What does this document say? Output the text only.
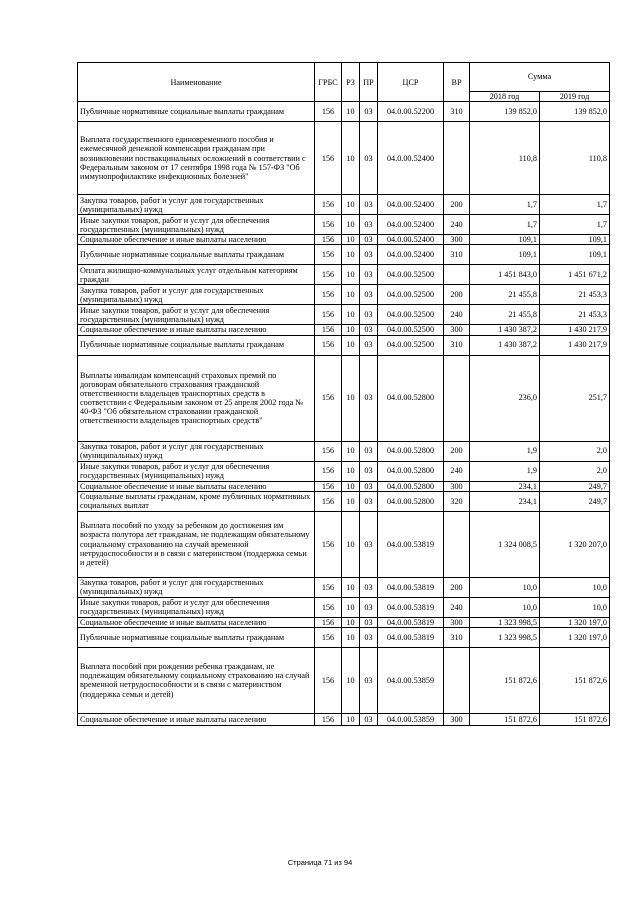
Наименование	ГРБС	РЗ	ПР	ЦСР	ВР	Сумма	
						2018 год	2019 год
Публичные нормативные социальные выплаты гражданам	156	10	03	04.0.00.52200	310	139 852,0	139 852,0
Выплата государственного единовременного пособия и ежемесячной денежной компенсации гражданам при возникновении поствакцинальных осложнений в соответствии с Федеральным законом от 17 сентября 1998 года № 157-ФЗ "Об иммунопрофилактике инфекционных болезней"	156	10	03	04.0.00.52400		110,8	110,8
Закупка товаров, работ и услуг для государственных (муниципальных) нужд	156	10	03	04.0.00.52400	200	1,7	1,7
Иные закупки товаров, работ и услуг для обеспечения государственных (муниципальных) нужд	156	10	03	04.0.00.52400	240	1,7	1,7
Социальное обеспечение и иные выплаты населению	156	10	03	04.0.00.52400	300	109,1	109,1
Публичные нормативные социальные выплаты гражданам	156	10	03	04.0.00.52400	310	109,1	109,1
Оплата жилищно-коммунальных услуг отдельным категориям граждан	156	10	03	04.0.00.52500		1 451 843,0	1 451 671,2
Закупка товаров, работ и услуг для государственных (муниципальных) нужд	156	10	03	04.0.00.52500	200	21 455,8	21 453,3
Иные закупки товаров, работ и услуг для обеспечения государственных (муниципальных) нужд	156	10	03	04.0.00.52500	240	21 455,8	21 453,3
Социальное обеспечение и иные выплаты населению	156	10	03	04.0.00.52500	300	1 430 387,2	1 430 217,9
Публичные нормативные социальные выплаты гражданам	156	10	03	04.0.00.52500	310	1 430 387,2	1 430 217,9
Выплаты инвалидам компенсаций страховых премий по договорам обязательного страхования гражданской ответственности владельцев транспортных средств в соответствии с Федеральным законом от 25 апреля 2002 года № 40-ФЗ "Об обязательном страховании гражданской ответственности владельцев транспортных средств"	156	10	03	04.0.00.52800		236,0	251,7
Закупка товаров, работ и услуг для государственных (муниципальных) нужд	156	10	03	04.0.00.52800	200	1,9	2,0
Иные закупки товаров, работ и услуг для обеспечения государственных (муниципальных) нужд	156	10	03	04.0.00.52800	240	1,9	2,0
Социальное обеспечение и иные выплаты населению	156	10	03	04.0.00.52800	300	234,1	249,7
Социальные выплаты гражданам, кроме публичных нормативных социальных выплат	156	10	03	04.0.00.52800	320	234,1	249,7
Выплата пособий по уходу за ребенком до достижения им возраста полутора лет гражданам, не подлежащим обязательному социальному страхованию на случай временной нетрудоспособности и в связи с материнством (поддержка семьи и детей)	156	10	03	04.0.00.53819		1 324 008,5	1 320 207,0
Закупка товаров, работ и услуг для государственных (муниципальных) нужд	156	10	03	04.0.00.53819	200	10,0	10,0
Иные закупки товаров, работ и услуг для обеспечения государственных (муниципальных) нужд	156	10	03	04.0.00.53819	240	10,0	10,0
Социальное обеспечение и иные выплаты населению	156	10	03	04.0.00.53819	300	1 323 998,5	1 320 197,0
Публичные нормативные социальные выплаты гражданам	156	10	03	04.0.00.53819	310	1 323 998,5	1 320 197,0
Выплата пособий при рождении ребенка гражданам, не подлежащим обязательному социальному страхованию на случай временной нетрудоспособности и в связи с материнством (поддержка семьи и детей)	156	10	03	04.0.00.53859		151 872,6	151 872,6
Социальное обеспечение и иные выплаты населению	156	10	03	04.0.00.53859	300	151 872,6	151 872,6
Страница 71 из 94
